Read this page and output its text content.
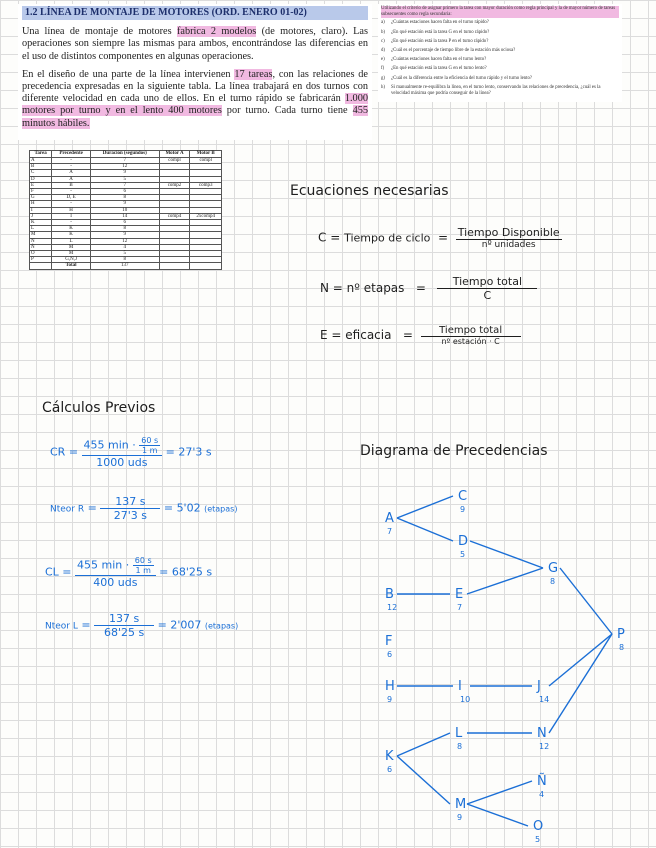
1.2 LÍNEA DE MONTAJE DE MOTORES (ORD. ENERO 01-02)

Una línea de montaje de motores fabrica 2 modelos (de motores, claro). Las operaciones son siempre las mismas para ambos, encontrándose las diferencias en el uso de distintos componentes en algunas operaciones.

En el diseño de una parte de la línea intervienen 17 tareas, con las relaciones de precedencia expresadas en la siguiente tabla. La línea trabajará en dos turnos con diferente velocidad en cada uno de ellos. En el turno rápido se fabricarán 1.000 motores por turno y en el lento 400 motores por turno. Cada turno tiene 455 minutos hábiles.

Utilizando el criterio de asignar primero la tarea con mayor duración como regla principal y la de mayor número de tareas subsecuentes como regla secundaria:
a) ¿Cuántas estaciones hacen falta en el turno rápido?
b) ¿En qué estación está la tarea G en el turno rápido?
c) ¿En qué estación está la tarea P en el turno rápido?
d) ¿Cuál es el porcentaje de tiempo libre de la estación más ociosa?
e) ¿Cuántas estaciones hacen falta en el turno lento?
f) ¿En qué estación está la tarea G en el turno lento?
g) ¿Cuál es la diferencia entre la eficiencia del turno rápido y el turno lento?
h) Si manualmente re-equilibra la línea, en el turno lento, conservando las relaciones de precedencia, ¿cuál es la velocidad máxima que podría conseguir de la línea?
Tarea	Precedente	Duración (segundos)	Motor A	Motor B
A	-	7	compl	compl
B	-	12		
C	A	9		
D	A	5		
E	B	7	comp2	comp3
F	-	6		
G	D, E	8		
H	-	9		
I	H	10		
J	I	14	comp4	2xcomp4
K	-	6		
L	K	8		
M	K	9		
N	L	12		
Ñ	M	4		
O	M	5		
P	G,N,J	8		
	Total	137		
Ecuaciones necesarias
C = Tiempo de ciclo  = $\frac{\text{Tiempo Disponible}}{\text{nº unidades}}$
N = nº etapas   = $\frac{\text{Tiempo total}}{C}$
E = eficacia   = $\frac{\text{Tiempo total}}{\text{nº estación · C}}$
Cálculos Previos
CR = $\frac{455 \min \cdot \frac{60 s}{1 m}}{\text{1000 uds}} = 27'3$ s
Nteor $R = \frac{137 s}{27'3 s} = 5'02$ (etapas)
CL = $\frac{455 \min \cdot \frac{60 s}{1 m}}{\text{400 uds}} = 68'25$ s
Nteor $L = \frac{137 s}{68'25 s} = 2'007$ (etapas)
Diagrama de Precedencias
A
7
C
9
D
5
B
12
E
7
G
8
F
6
H
9
I
10
J
14
P
8
K
6
L
8
N
12
M
9
Ñ
4
O
5
